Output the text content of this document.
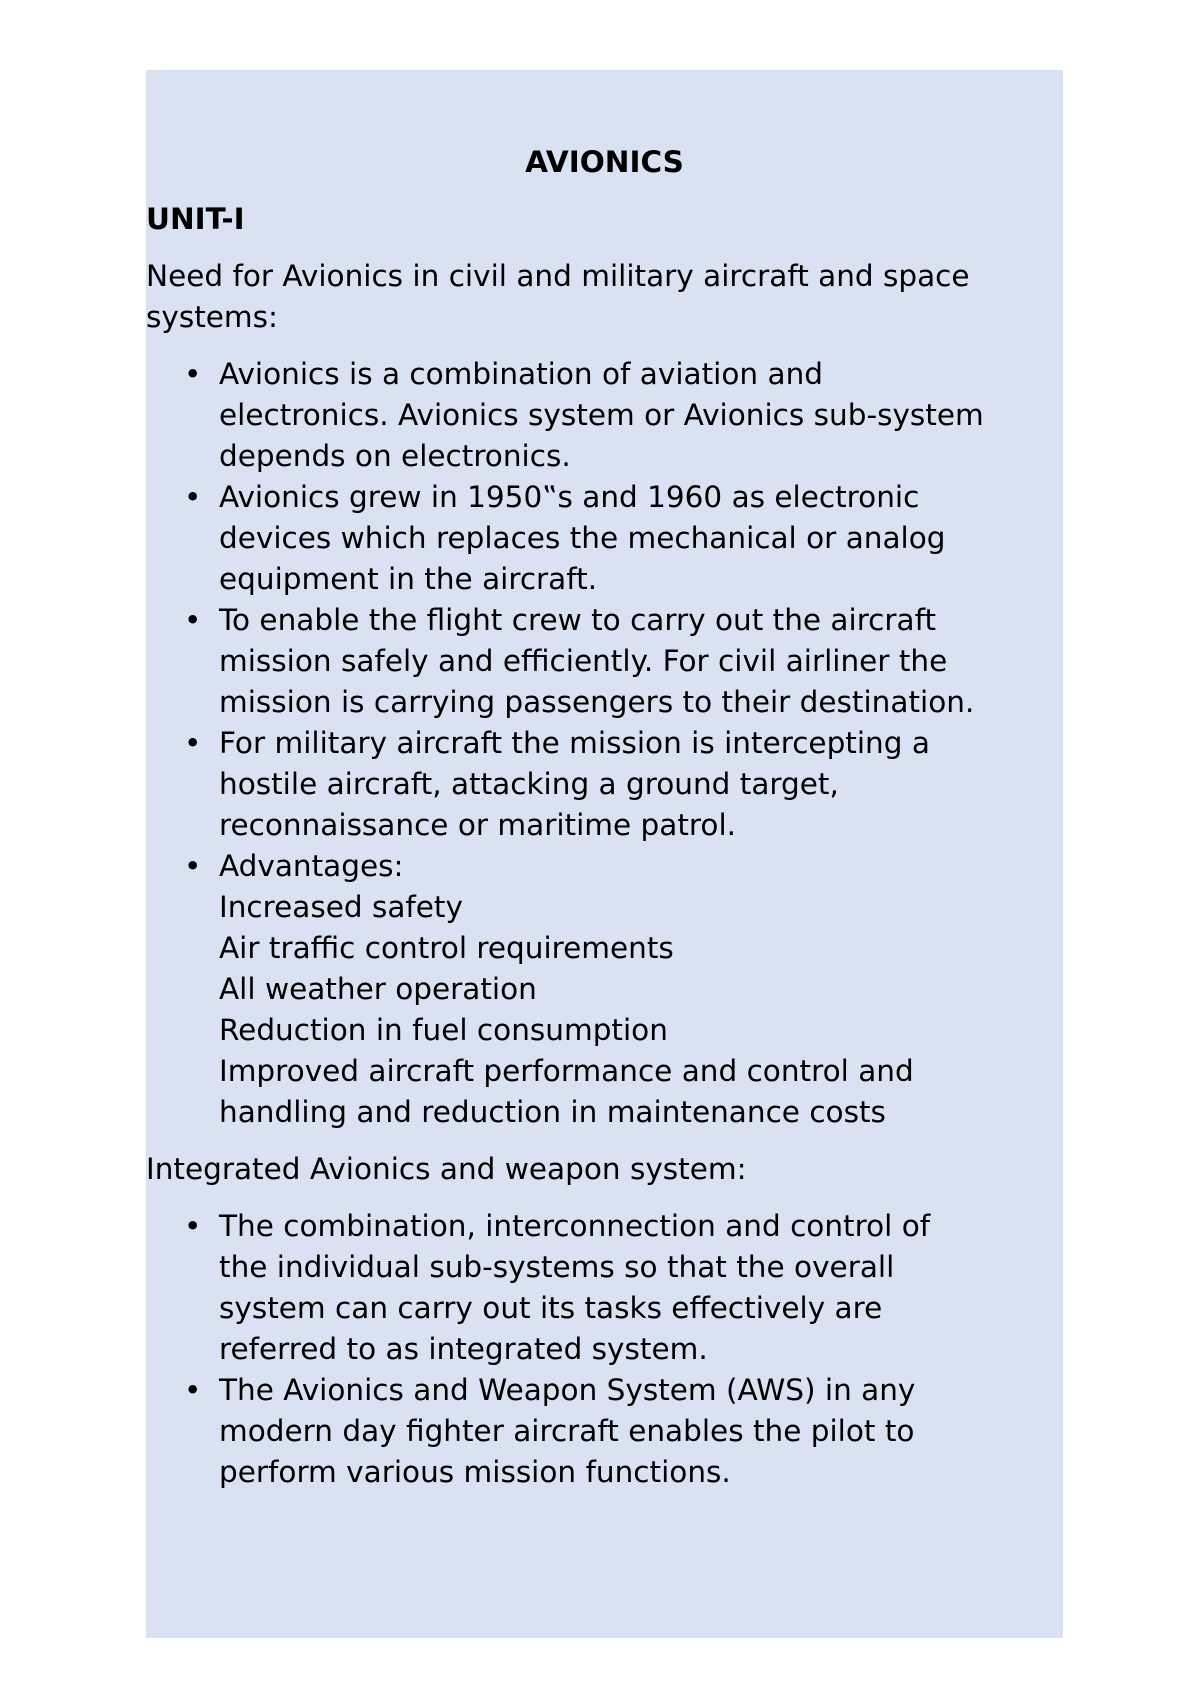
AVIONICS
UNIT-I
Need for Avionics in civil and military aircraft and space
systems:
• Avionics is a combination of aviation and
electronics. Avionics system or Avionics sub-system
depends on electronics.
• Avionics grew in 1950‟s and 1960 as electronic
devices which replaces the mechanical or analog
equipment in the aircraft.
• To enable the flight crew to carry out the aircraft
mission safely and efficiently. For civil airliner the
mission is carrying passengers to their destination.
• For military aircraft the mission is intercepting a
hostile aircraft, attacking a ground target,
reconnaissance or maritime patrol.
• Advantages:
Increased safety
Air traffic control requirements
All weather operation
Reduction in fuel consumption
Improved aircraft performance and control and
handling and reduction in maintenance costs
Integrated Avionics and weapon system:
• The combination, interconnection and control of
the individual sub-systems so that the overall
system can carry out its tasks effectively are
referred to as integrated system.
• The Avionics and Weapon System (AWS) in any
modern day fighter aircraft enables the pilot to
perform various mission functions.
